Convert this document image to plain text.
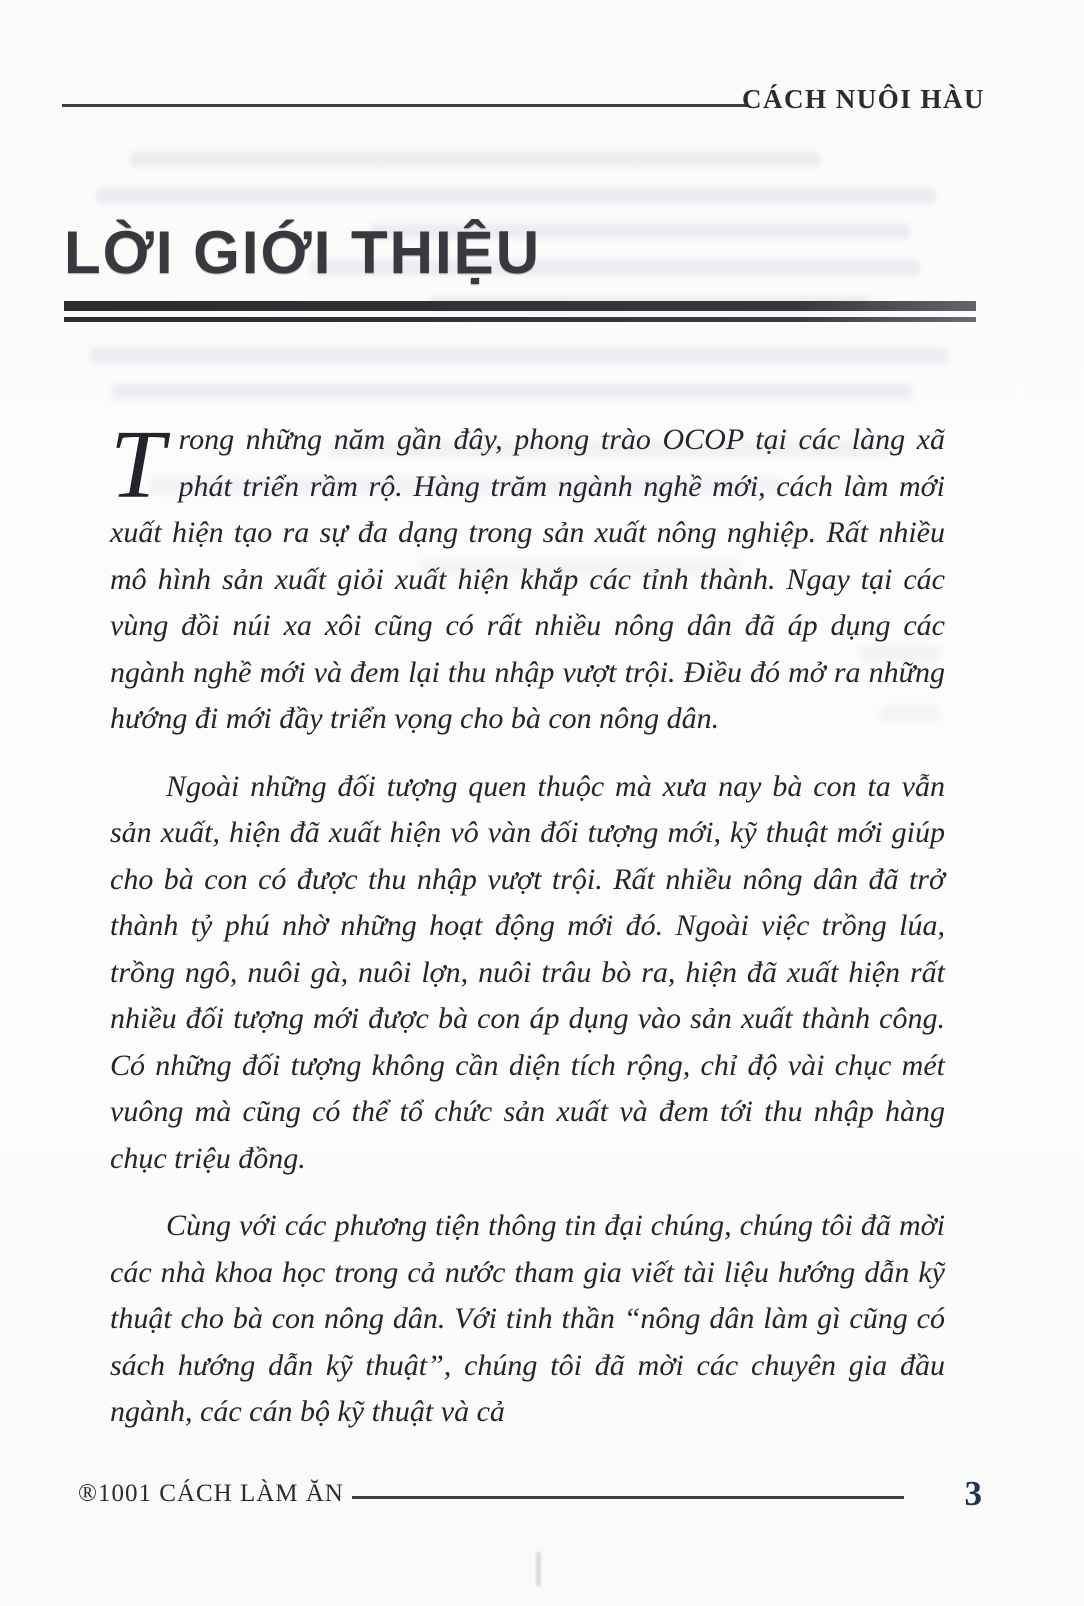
CÁCH NUÔI HÀU
LỜI GIỚI THIỆU

Trong những năm gần đây, phong trào OCOP tại các làng xã phát triển rầm rộ. Hàng trăm ngành nghề mới, cách làm mới xuất hiện tạo ra sự đa dạng trong sản xuất nông nghiệp. Rất nhiều mô hình sản xuất giỏi xuất hiện khắp các tỉnh thành. Ngay tại các vùng đồi núi xa xôi cũng có rất nhiều nông dân đã áp dụng các ngành nghề mới và đem lại thu nhập vượt trội. Điều đó mở ra những hướng đi mới đầy triển vọng cho bà con nông dân.

Ngoài những đối tượng quen thuộc mà xưa nay bà con ta vẫn sản xuất, hiện đã xuất hiện vô vàn đối tượng mới, kỹ thuật mới giúp cho bà con có được thu nhập vượt trội. Rất nhiều nông dân đã trở thành tỷ phú nhờ những hoạt động mới đó. Ngoài việc trồng lúa, trồng ngô, nuôi gà, nuôi lợn, nuôi trâu bò ra, hiện đã xuất hiện rất nhiều đối tượng mới được bà con áp dụng vào sản xuất thành công. Có những đối tượng không cần diện tích rộng, chỉ độ vài chục mét vuông mà cũng có thể tổ chức sản xuất và đem tới thu nhập hàng chục triệu đồng.

Cùng với các phương tiện thông tin đại chúng, chúng tôi đã mời các nhà khoa học trong cả nước tham gia viết tài liệu hướng dẫn kỹ thuật cho bà con nông dân. Với tinh thần “nông dân làm gì cũng có sách hướng dẫn kỹ thuật”, chúng tôi đã mời các chuyên gia đầu ngành, các cán bộ kỹ thuật và cả

®1001 CÁCH LÀM ĂN	3
